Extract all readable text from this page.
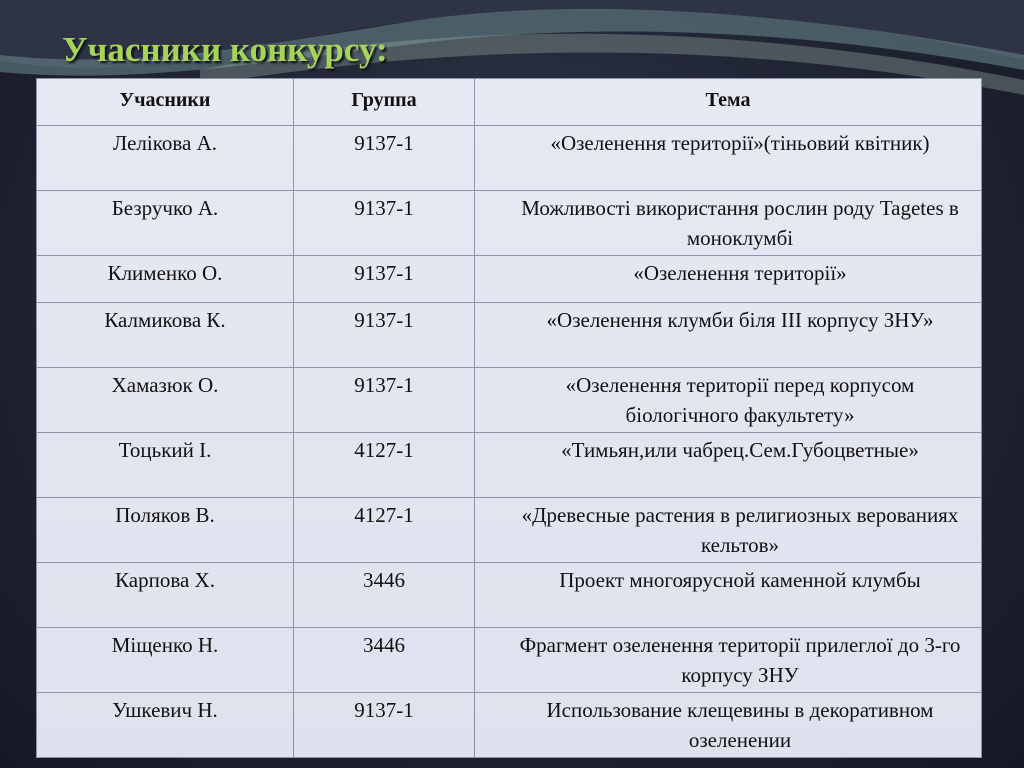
Учасники конкурсу:
Учасники	Группа	Тема
Лелікова А.	9137-1	«Озеленення території»(тіньовий квітник)
Безручко А.	9137-1	Можливості використання рослин роду Tagetes в моноклумбі
Клименко О.	9137-1	«Озеленення території»
Калмикова К.	9137-1	«Озеленення клумби біля ІІІ корпусу ЗНУ»
Хамазюк О.	9137-1	«Озеленення території перед корпусом біологічного факультету»
Тоцький І.	4127-1	«Тимьян,или чабрец.Сем.Губоцветные»
Поляков В.	4127-1	«Древесные растения в религиозных верованиях кельтов»
Карпова Х.	3446	Проект многоярусной каменной клумбы
Міщенко Н.	3446	Фрагмент озеленення території прилеглої до 3-го корпусу ЗНУ
Ушкевич Н.	9137-1	Использование клещевины в декоративном озеленении
